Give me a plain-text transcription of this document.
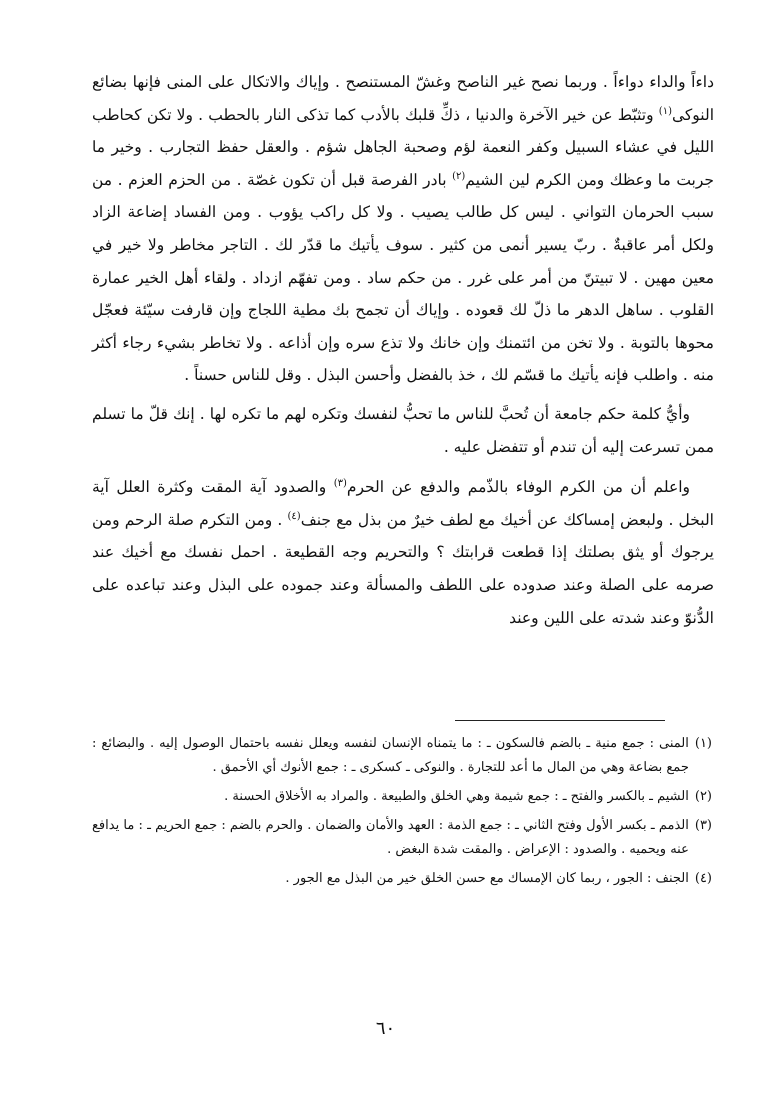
داءاً والداء دواءاً . وربما نصح غير الناصح وغشّ المستنصح . وإياك والاتكال على المنى فإنها بضائع النوكى$^{(١)}$ وتثبّط عن خير الآخرة والدنيا ، ذكِّ قلبك بالأدب كما تذكى النار بالحطب . ولا تكن كحاطب الليل في عشاء السبيل وكفر النعمة لؤم وصحبة الجاهل شؤم . والعقل حفظ التجارب . وخير ما جربت ما وعظك ومن الكرم لين الشيم$^{(٢)}$ بادر الفرصة قبل أن تكون غصّة . من الحزم العزم . من سبب الحرمان التواني . ليس كل طالب يصيب . ولا كل راكب يؤوب . ومن الفساد إضاعة الزاد ولكل أمر عاقبةٌ . ربّ يسير أنمى من كثير . سوف يأتيك ما قدّر لك . التاجر مخاطر ولا خير في معين مهين . لا تبيتنّ من أمر على غرر . من حكم ساد . ومن تفهّم ازداد . ولقاء أهل الخير عمارة القلوب . ساهل الدهر ما ذلّ لك قعوده . وإياك أن تجمح بك مطية اللجاج وإن قارفت سيّئة فعجّل محوها بالتوبة . ولا تخن من ائتمنك وإن خانك ولا تذع سره وإن أذاعه . ولا تخاطر بشيء رجاء أكثر منه . واطلب فإنه يأتيك ما قسّم لك ، خذ بالفضل وأحسن البذل . وقل للناس حسناً .

وأيُّ كلمة حكم جامعة أن تُحبَّ للناس ما تحبُّ لنفسك وتكره لهم ما تكره لها . إنك قلّ ما تسلم ممن تسرعت إليه أن تندم أو تتفضل عليه .

واعلم أن من الكرم الوفاء بالذّمم والدفع عن الحرم$^{(٣)}$ والصدود آية المقت وكثرة العلل آية البخل . ولبعض إمساكك عن أخيك مع لطف خيرٌ من بذل مع جنف$^{(٤)}$ . ومن التكرم صلة الرحم ومن يرجوك أو يثق بصلتك إذا قطعت قرابتك ؟ والتحريم وجه القطيعة . احمل نفسك مع أخيك عند صرمه على الصلة وعند صدوده على اللطف والمسألة وعند جموده على البذل وعند تباعده على الدُّنوّ وعند شدته على اللين وعند

(١)
المنى : جمع منية ـ بالضم فالسكون ـ : ما يتمناه الإنسان لنفسه ويعلل نفسه باحتمال الوصول إليه . والبضائع : جمع بضاعة وهي من المال ما أعد للتجارة . والنوكى ـ كسكرى ـ : جمع الأنوك أي الأحمق .
(٢)
الشيم ـ بالكسر والفتح ـ : جمع شيمة وهي الخلق والطبيعة . والمراد به الأخلاق الحسنة .
(٣)
الذمم ـ بكسر الأول وفتح الثاني ـ : جمع الذمة : العهد والأمان والضمان . والحرم بالضم : جمع الحريم ـ : ما يدافع عنه ويحميه . والصدود : الإعراض . والمقت شدة البغض .
(٤)
الجنف : الجور ، ربما كان الإمساك مع حسن الخلق خير من البذل مع الجور .
٦٠
